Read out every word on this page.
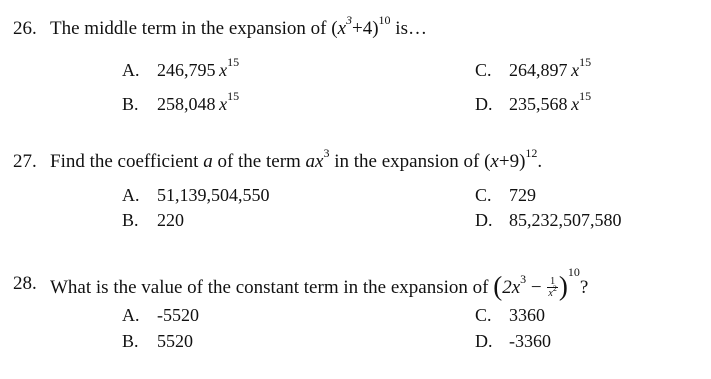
26. The middle term in the expansion of $(x^3+4)^{10}$ is…
A. 246,795  $x^{15}$
B. 258,048  $x^{15}$
C. 264,897  $x^{15}$
D. 235,568  $x^{15}$
27. Find the coefficient a of the term $ax^3$ in the expansion of $(x+9)^{12}$.
A. 51,139,504,550
B. 220
C. 729
D. 85,232,507,580
28. What is the value of the constant term in the expansion of $(2x^3 - \frac{1}{x^2} )^{10}$?
A. -5520
B. 5520
C. 3360
D. -3360
